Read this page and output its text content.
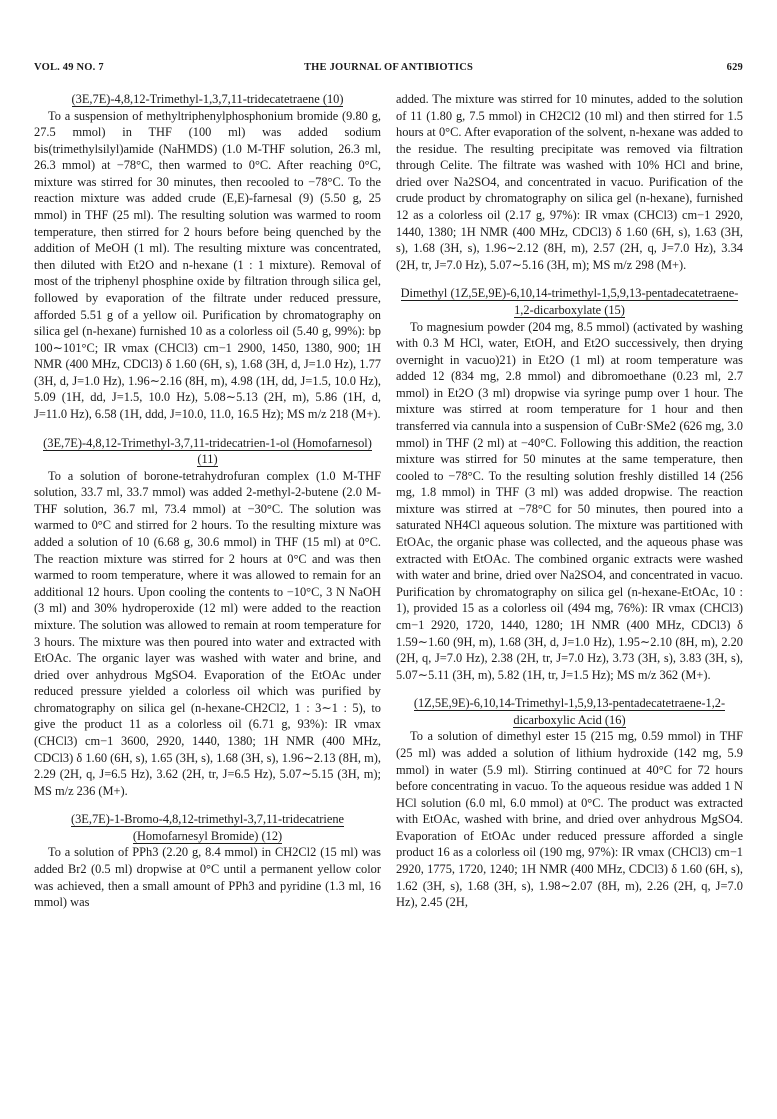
VOL. 49 NO. 7	THE JOURNAL OF ANTIBIOTICS	629
(3E,7E)-4,8,12-Trimethyl-1,3,7,11-tridecatetraene (10)

To a suspension of methyltriphenylphosphonium bromide (9.80 g, 27.5 mmol) in THF (100 ml) was added sodium bis(trimethylsilyl)amide (NaHMDS) (1.0 M-THF solution, 26.3 ml, 26.3 mmol) at −78°C, then warmed to 0°C. After reaching 0°C, mixture was stirred for 30 minutes, then recooled to −78°C. To the reaction mixture was added crude (E,E)-farnesal (9) (5.50 g, 25 mmol) in THF (25 ml). The resulting solution was warmed to room temperature, then stirred for 2 hours before being quenched by the addition of MeOH (1 ml). The resulting mixture was concentrated, then diluted with Et2O and n-hexane (1 : 1 mixture). Removal of most of the triphenyl phosphine oxide by filtration through silica gel, followed by evaporation of the filtrate under reduced pressure, afforded 5.51 g of a yellow oil. Purification by chromatography on silica gel (n-hexane) furnished 10 as a colorless oil (5.40 g, 99%): bp 100∼101°C; IR νmax (CHCl3) cm−1 2900, 1450, 1380, 900; 1H NMR (400 MHz, CDCl3) δ 1.60 (6H, s), 1.68 (3H, d, J=1.0 Hz), 1.77 (3H, d, J=1.0 Hz), 1.96∼2.16 (8H, m), 4.98 (1H, dd, J=1.5, 10.0 Hz), 5.09 (1H, dd, J=1.5, 10.0 Hz), 5.08∼5.13 (2H, m), 5.86 (1H, d, J=11.0 Hz), 6.58 (1H, ddd, J=10.0, 11.0, 16.5 Hz); MS m/z 218 (M+).

(3E,7E)-4,8,12-Trimethyl-3,7,11-tridecatrien-1-ol (Homofarnesol) (11)

To a solution of borone-tetrahydrofuran complex (1.0 M-THF solution, 33.7 ml, 33.7 mmol) was added 2-methyl-2-butene (2.0 M-THF solution, 36.7 ml, 73.4 mmol) at −30°C. The solution was warmed to 0°C and stirred for 2 hours. To the resulting mixture was added a solution of 10 (6.68 g, 30.6 mmol) in THF (15 ml) at 0°C. The reaction mixture was stirred for 2 hours at 0°C and was then warmed to room temperature, where it was allowed to remain for an additional 12 hours. Upon cooling the contents to −10°C, 3 N NaOH (3 ml) and 30% hydroperoxide (12 ml) were added to the reaction mixture. The solution was allowed to remain at room temperature for 3 hours. The mixture was then poured into water and extracted with EtOAc. The organic layer was washed with water and brine, and dried over anhydrous MgSO4. Evaporation of the EtOAc under reduced pressure yielded a colorless oil which was purified by chromatography on silica gel (n-hexane-CH2Cl2, 1 : 3∼1 : 5), to give the product 11 as a colorless oil (6.71 g, 93%): IR νmax (CHCl3) cm−1 3600, 2920, 1440, 1380; 1H NMR (400 MHz, CDCl3) δ 1.60 (6H, s), 1.65 (3H, s), 1.68 (3H, s), 1.96∼2.13 (8H, m), 2.29 (2H, q, J=6.5 Hz), 3.62 (2H, tr, J=6.5 Hz), 5.07∼5.15 (3H, m); MS m/z 236 (M+).

(3E,7E)-1-Bromo-4,8,12-trimethyl-3,7,11-tridecatriene (Homofarnesyl Bromide) (12)

To a solution of PPh3 (2.20 g, 8.4 mmol) in CH2Cl2 (15 ml) was added Br2 (0.5 ml) dropwise at 0°C until a permanent yellow color was achieved, then a small amount of PPh3 and pyridine (1.3 ml, 16 mmol) was

added. The mixture was stirred for 10 minutes, added to the solution of 11 (1.80 g, 7.5 mmol) in CH2Cl2 (10 ml) and then stirred for 1.5 hours at 0°C. After evaporation of the solvent, n-hexane was added to the residue. The resulting precipitate was removed via filtration through Celite. The filtrate was washed with 10% HCl and brine, dried over Na2SO4, and concentrated in vacuo. Purification of the crude product by chromatography on silica gel (n-hexane), furnished 12 as a colorless oil (2.17 g, 97%): IR νmax (CHCl3) cm−1 2920, 1440, 1380; 1H NMR (400 MHz, CDCl3) δ 1.60 (6H, s), 1.63 (3H, s), 1.68 (3H, s), 1.96∼2.12 (8H, m), 2.57 (2H, q, J=7.0 Hz), 3.34 (2H, tr, J=7.0 Hz), 5.07∼5.16 (3H, m); MS m/z 298 (M+).

Dimethyl (1Z,5E,9E)-6,10,14-trimethyl-1,5,9,13-pentadecatetraene-1,2-dicarboxylate (15)

To magnesium powder (204 mg, 8.5 mmol) (activated by washing with 0.3 M HCl, water, EtOH, and Et2O successively, then drying overnight in vacuo)21) in Et2O (1 ml) at room temperature was added 12 (834 mg, 2.8 mmol) and dibromoethane (0.23 ml, 2.7 mmol) in Et2O (3 ml) dropwise via syringe pump over 1 hour. The mixture was stirred at room temperature for 1 hour and then transferred via cannula into a suspension of CuBr·SMe2 (626 mg, 3.0 mmol) in THF (2 ml) at −40°C. Following this addition, the reaction mixture was stirred for 50 minutes at the same temperature, then cooled to −78°C. To the resulting solution freshly distilled 14 (256 mg, 1.8 mmol) in THF (3 ml) was added dropwise. The reaction mixture was stirred at −78°C for 50 minutes, then poured into a saturated NH4Cl aqueous solution. The mixture was partitioned with EtOAc, the organic phase was collected, and the aqueous phase was extracted with EtOAc. The combined organic extracts were washed with water and brine, dried over Na2SO4, and concentrated in vacuo. Purification by chromatography on silica gel (n-hexane-EtOAc, 10 : 1), provided 15 as a colorless oil (494 mg, 76%): IR νmax (CHCl3) cm−1 2920, 1720, 1440, 1280; 1H NMR (400 MHz, CDCl3) δ 1.59∼1.60 (9H, m), 1.68 (3H, d, J=1.0 Hz), 1.95∼2.10 (8H, m), 2.20 (2H, q, J=7.0 Hz), 2.38 (2H, tr, J=7.0 Hz), 3.73 (3H, s), 3.83 (3H, s), 5.07∼5.11 (3H, m), 5.82 (1H, tr, J=1.5 Hz); MS m/z 362 (M+).

(1Z,5E,9E)-6,10,14-Trimethyl-1,5,9,13-pentadecatetraene-1,2-dicarboxylic Acid (16)

To a solution of dimethyl ester 15 (215 mg, 0.59 mmol) in THF (25 ml) was added a solution of lithium hydroxide (142 mg, 5.9 mmol) in water (5.9 ml). Stirring continued at 40°C for 72 hours before concentrating in vacuo. To the aqueous residue was added 1 N HCl solution (6.0 ml, 6.0 mmol) at 0°C. The product was extracted with EtOAc, washed with brine, and dried over anhydrous MgSO4. Evaporation of EtOAc under reduced pressure afforded a single product 16 as a colorless oil (190 mg, 97%): IR νmax (CHCl3) cm−1 2920, 1775, 1720, 1240; 1H NMR (400 MHz, CDCl3) δ 1.60 (6H, s), 1.62 (3H, s), 1.68 (3H, s), 1.98∼2.07 (8H, m), 2.26 (2H, q, J=7.0 Hz), 2.45 (2H,
